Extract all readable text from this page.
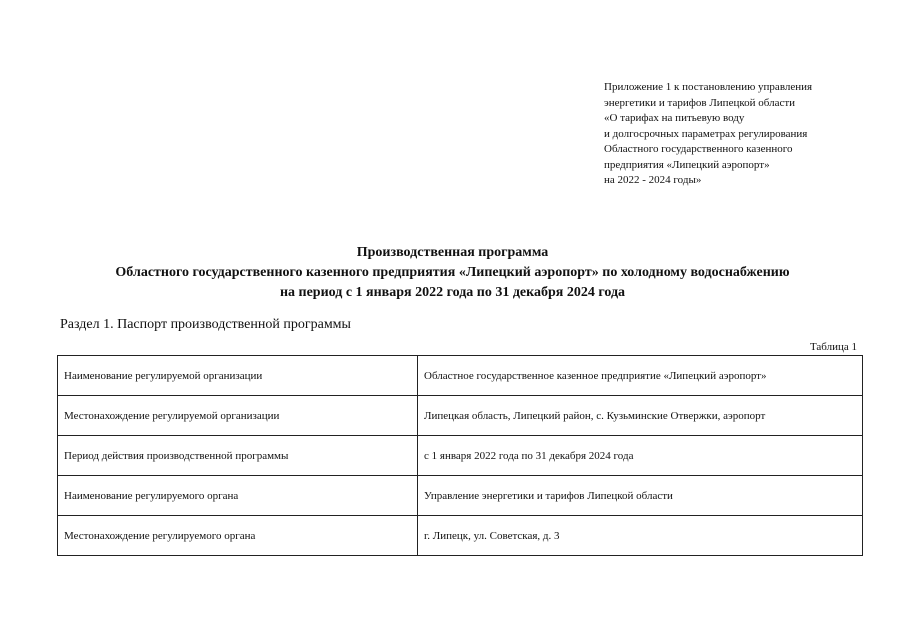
Приложение 1 к постановлению управления
энергетики и тарифов Липецкой области
«О тарифах на питьевую воду
и долгосрочных параметрах регулирования
Областного государственного казенного
предприятия «Липецкий аэропорт»
на 2022 - 2024 годы»
Производственная программа
Областного государственного казенного предприятия «Липецкий аэропорт» по холодному водоснабжению
на период с 1 января 2022 года по 31 декабря 2024 года
Раздел 1. Паспорт производственной программы
Таблица 1
Наименование регулируемой организации	Областное государственное казенное предприятие «Липецкий аэропорт»
Местонахождение регулируемой организации	Липецкая область, Липецкий район, с. Кузьминские Отвержки, аэропорт
Период действия производственной программы	с 1 января 2022 года по 31 декабря 2024 года
Наименование регулируемого органа	Управление энергетики и тарифов Липецкой области
Местонахождение регулируемого органа	г. Липецк, ул. Советская, д. 3
